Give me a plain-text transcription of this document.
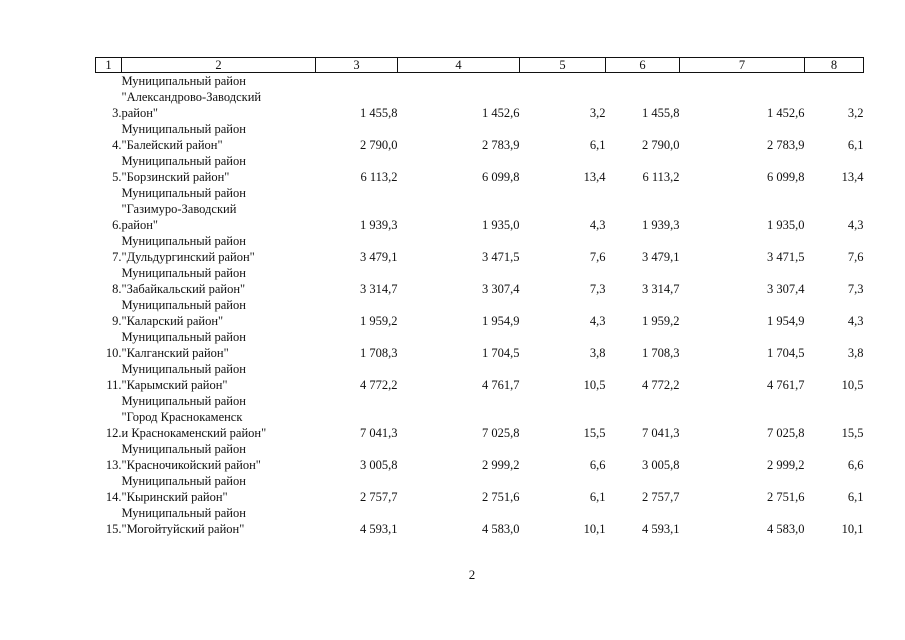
1	2	3	4	5	6	7	8
3.	Муниципальный район
"Александрово-Заводский
район"	1 455,8	1 452,6	3,2	1 455,8	1 452,6	3,2
4.	Муниципальный район
"Балейский район"	2 790,0	2 783,9	6,1	2 790,0	2 783,9	6,1
5.	Муниципальный район
"Борзинский район"	6 113,2	6 099,8	13,4	6 113,2	6 099,8	13,4
6.	Муниципальный район
"Газимуро-Заводский
район"	1 939,3	1 935,0	4,3	1 939,3	1 935,0	4,3
7.	Муниципальный район
"Дульдургинский район"	3 479,1	3 471,5	7,6	3 479,1	3 471,5	7,6
8.	Муниципальный район
"Забайкальский район"	3 314,7	3 307,4	7,3	3 314,7	3 307,4	7,3
9.	Муниципальный район
"Каларский район"	1 959,2	1 954,9	4,3	1 959,2	1 954,9	4,3
10.	Муниципальный район
"Калганский район"	1 708,3	1 704,5	3,8	1 708,3	1 704,5	3,8
11.	Муниципальный район
"Карымский район"	4 772,2	4 761,7	10,5	4 772,2	4 761,7	10,5
12.	Муниципальный район
"Город Краснокаменск
и Краснокаменский район"	7 041,3	7 025,8	15,5	7 041,3	7 025,8	15,5
13.	Муниципальный район
"Красночикойский район"	3 005,8	2 999,2	6,6	3 005,8	2 999,2	6,6
14.	Муниципальный район
"Кыринский район"	2 757,7	2 751,6	6,1	2 757,7	2 751,6	6,1
15.	Муниципальный район
"Могойтуйский район"	4 593,1	4 583,0	10,1	4 593,1	4 583,0	10,1
2
